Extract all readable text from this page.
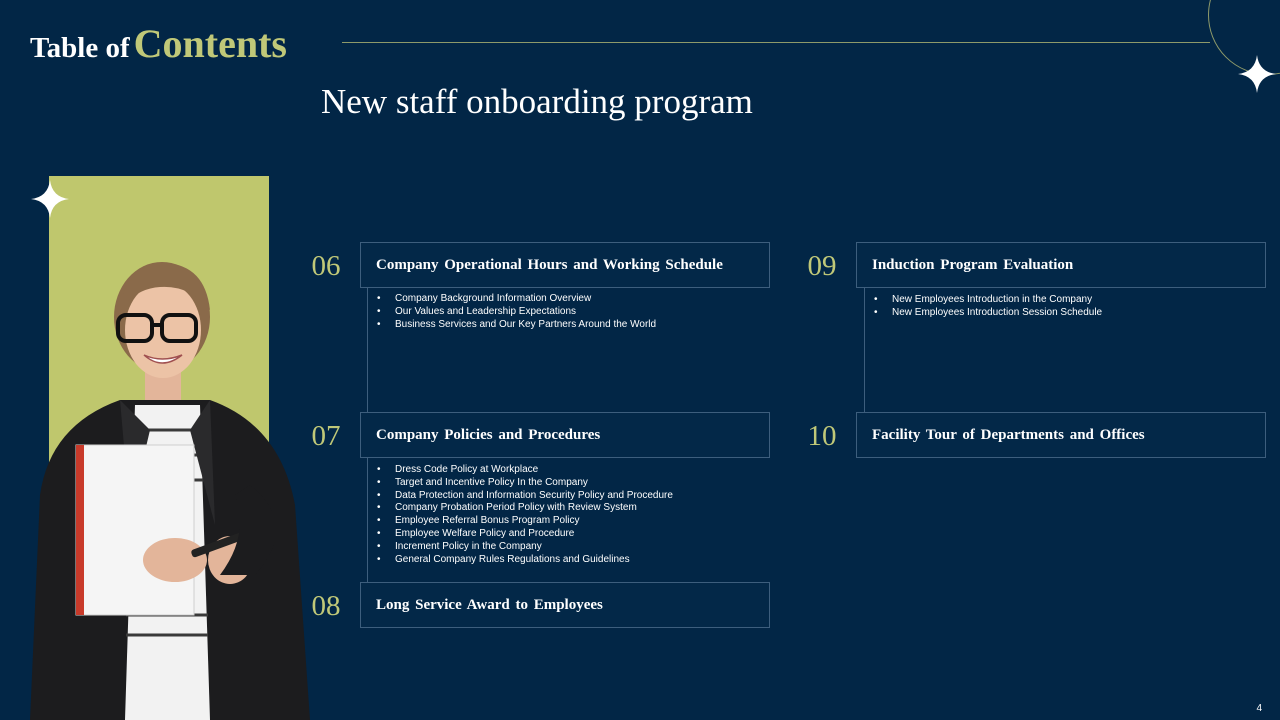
Table of Contents
New staff onboarding program
06	Company Operational Hours and Working Schedule
• Company Background Information Overview
• Our Values and Leadership Expectations
• Business Services and Our Key Partners Around the World
07	Company Policies and Procedures
• Dress Code Policy at Workplace
• Target and Incentive Policy In the Company
• Data Protection and Information Security Policy and Procedure
• Company Probation Period Policy with Review System
• Employee Referral Bonus Program Policy
• Employee Welfare Policy and Procedure
• Increment Policy in the Company
• General Company Rules Regulations and Guidelines
08	Long Service Award to Employees
09	Induction Program Evaluation
• New Employees Introduction in the Company
• New Employees Introduction Session Schedule
10	Facility Tour of Departments and Offices
4
